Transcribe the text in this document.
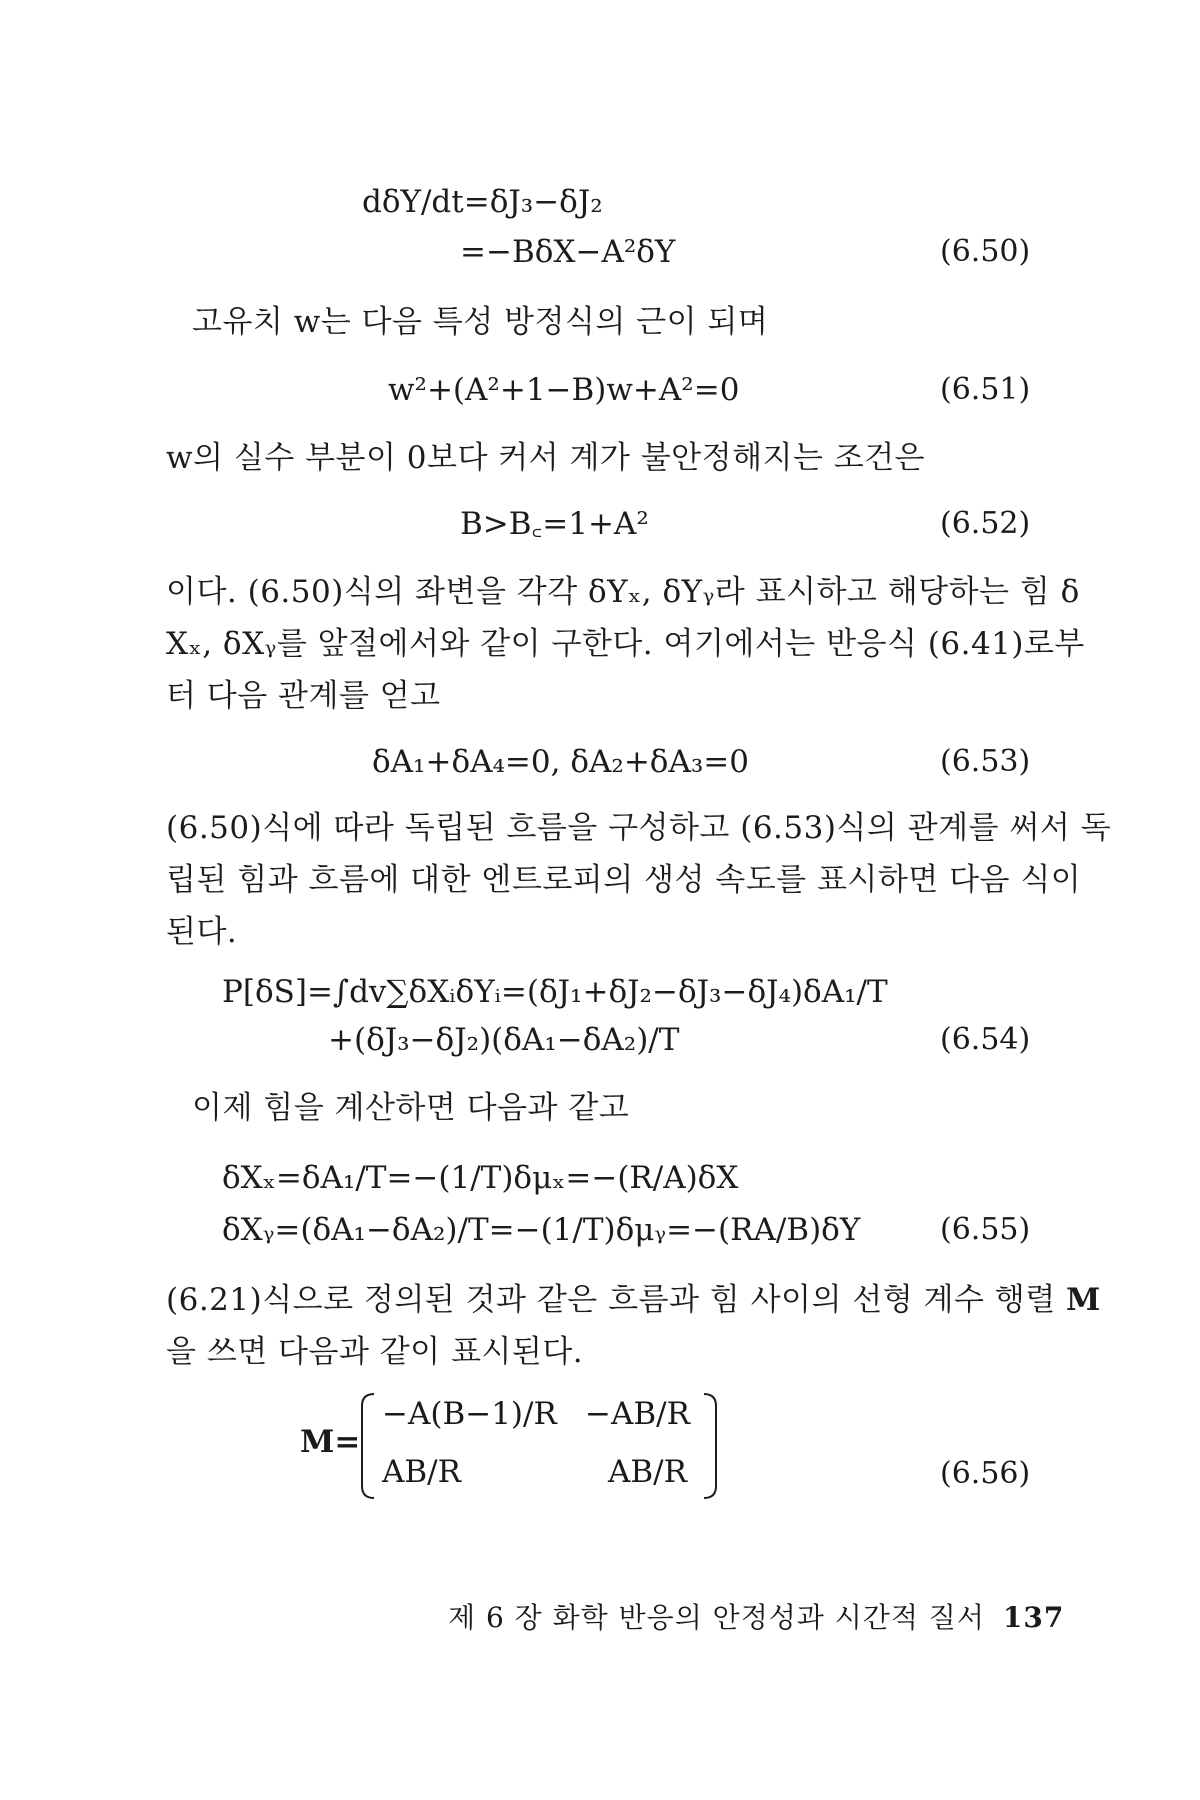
dδY/dt=δJ₃−δJ₂
=−BδX−A²δY	(6.50)
고유치 w는 다음 특성 방정식의 근이 되며
w²+(A²+1−B)w+A²=0	(6.51)
w의 실수 부분이 0보다 커서 계가 불안정해지는 조건은
B>B꜀=1+A²	(6.52)
이다. (6.50)식의 좌변을 각각 δYₓ, δYᵧ라 표시하고 해당하는 힘 δ
Xₓ, δXᵧ를 앞절에서와 같이 구한다. 여기에서는 반응식 (6.41)로부
터 다음 관계를 얻고
δA₁+δA₄=0, δA₂+δA₃=0	(6.53)
(6.50)식에 따라 독립된 흐름을 구성하고 (6.53)식의 관계를 써서 독
립된 힘과 흐름에 대한 엔트로피의 생성 속도를 표시하면 다음 식이
된다.
P[δS]=∫dv∑δXᵢδYᵢ=(δJ₁+δJ₂−δJ₃−δJ₄)δA₁/T
+(δJ₃−δJ₂)(δA₁−δA₂)/T	(6.54)
이제 힘을 계산하면 다음과 같고
δXₓ=δA₁/T=−(1/T)δμₓ=−(R/A)δX
δXᵧ=(δA₁−δA₂)/T=−(1/T)δμᵧ=−(RA/B)δY	(6.55)
(6.21)식으로 정의된 것과 같은 흐름과 힘 사이의 선형 계수 행렬 M
을 쓰면 다음과 같이 표시된다.
M=
−A(B−1)/R −AB/R
AB/R	AB/R	(6.56)
제 6 장 화학 반응의 안정성과 시간적 질서 137
